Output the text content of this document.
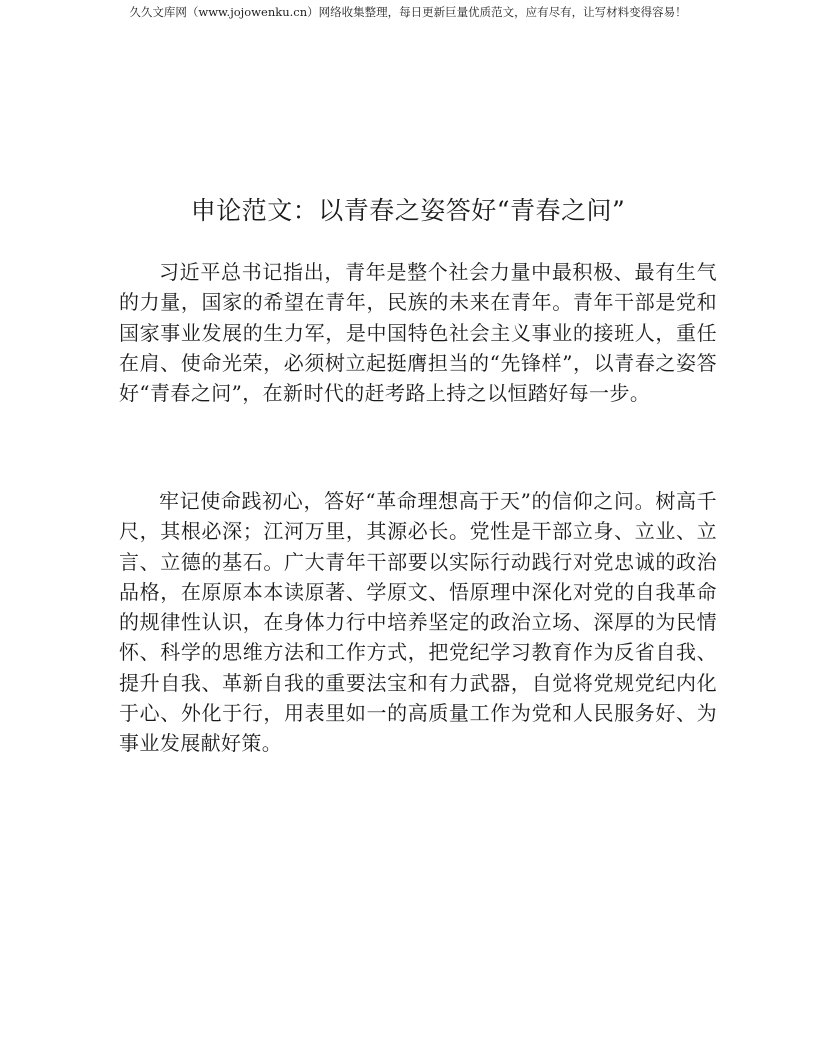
久久文库网（www.jojowenku.cn）网络收集整理，每日更新巨量优质范文，应有尽有，让写材料变得容易！
申论范文：以青春之姿答好“青春之问”

习近平总书记指出，青年是整个社会力量中最积极、最有生气的力量，国家的希望在青年，民族的未来在青年。青年干部是党和国家事业发展的生力军，是中国特色社会主义事业的接班人，重任在肩、使命光荣，必须树立起挺膺担当的“先锋样”，以青春之姿答好“青春之问”，在新时代的赶考路上持之以恒踏好每一步。

牢记使命践初心，答好“革命理想高于天”的信仰之问。树高千尺，其根必深；江河万里，其源必长。党性是干部立身、立业、立言、立德的基石。广大青年干部要以实际行动践行对党忠诚的政治品格，在原原本本读原著、学原文、悟原理中深化对党的自我革命的规律性认识，在身体力行中培养坚定的政治立场、深厚的为民情怀、科学的思维方法和工作方式，把党纪学习教育作为反省自我、提升自我、革新自我的重要法宝和有力武器，自觉将党规党纪内化于心、外化于行，用表里如一的高质量工作为党和人民服务好、为事业发展献好策。
